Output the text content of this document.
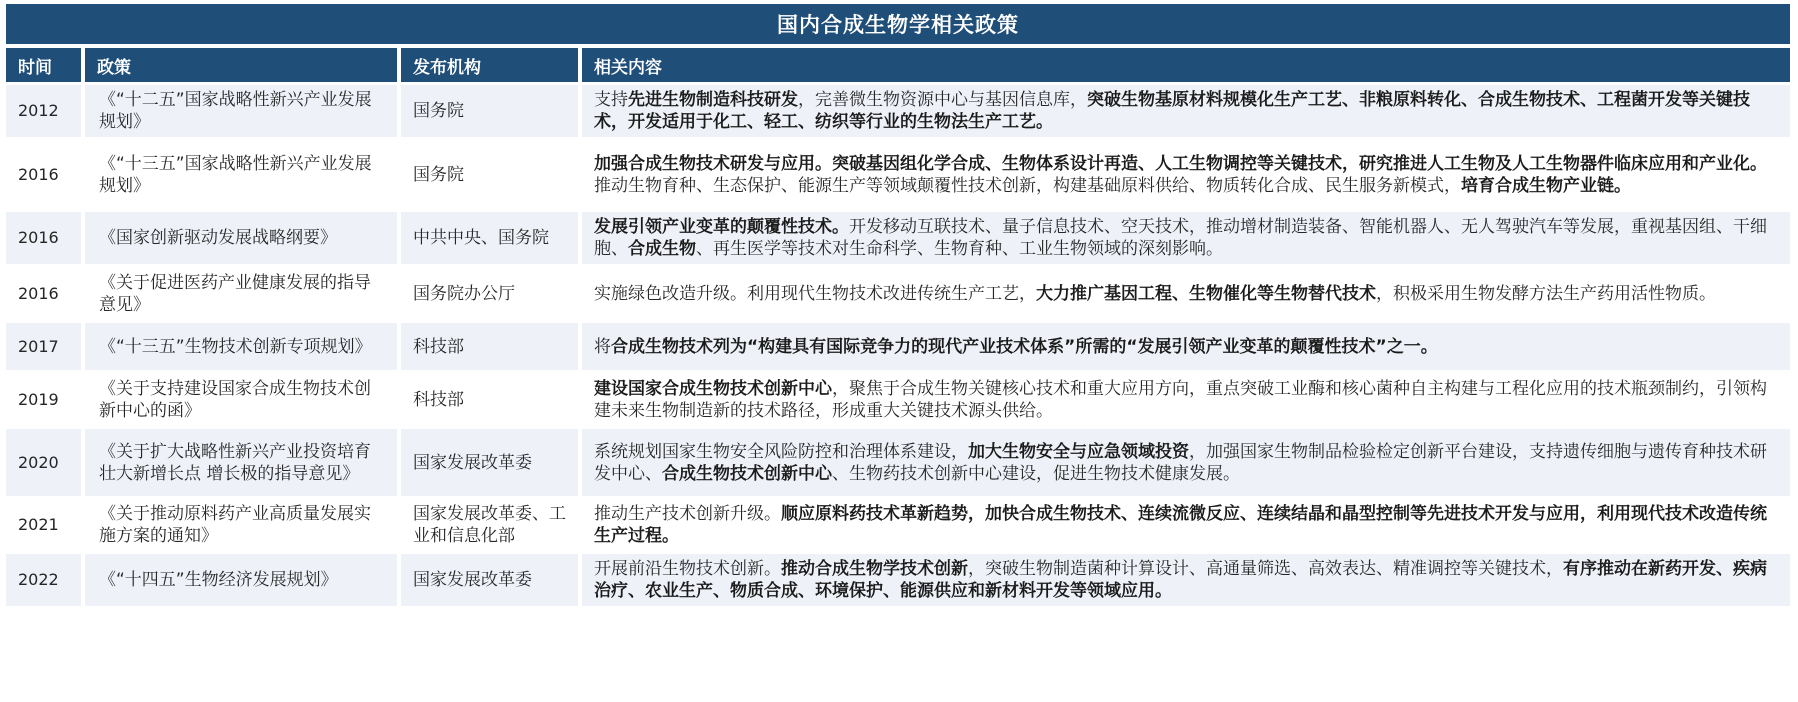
国内合成生物学相关政策
时间	政策	发布机构	相关内容
2012	《“十二五”国家战略性新兴产业发展规划》	国务院	支持先进生物制造科技研发，完善微生物资源中心与基因信息库，突破生物基原材料规模化生产工艺、非粮原料转化、合成生物技术、工程菌开发等关键技术，开发适用于化工、轻工、纺织等行业的生物法生产工艺。
2016	《“十三五”国家战略性新兴产业发展规划》	国务院	加强合成生物技术研发与应用。突破基因组化学合成、生物体系设计再造、人工生物调控等关键技术，研究推进人工生物及人工生物器件临床应用和产业化。推动生物育种、生态保护、能源生产等领域颠覆性技术创新，构建基础原料供给、物质转化合成、民生服务新模式，培育合成生物产业链。
2016	《国家创新驱动发展战略纲要》	中共中央、国务院	发展引领产业变革的颠覆性技术。开发移动互联技术、量子信息技术、空天技术，推动增材制造装备、智能机器人、无人驾驶汽车等发展，重视基因组、干细胞、合成生物、再生医学等技术对生命科学、生物育种、工业生物领域的深刻影响。
2016	《关于促进医药产业健康发展的指导意见》	国务院办公厅	实施绿色改造升级。利用现代生物技术改进传统生产工艺，大力推广基因工程、生物催化等生物替代技术，积极采用生物发酵方法生产药用活性物质。
2017	《“十三五”生物技术创新专项规划》	科技部	将合成生物技术列为“构建具有国际竞争力的现代产业技术体系”所需的“发展引领产业变革的颠覆性技术”之一。
2019	《关于支持建设国家合成生物技术创新中心的函》	科技部	建设国家合成生物技术创新中心，聚焦于合成生物关键核心技术和重大应用方向，重点突破工业酶和核心菌种自主构建与工程化应用的技术瓶颈制约，引领构建未来生物制造新的技术路径，形成重大关键技术源头供给。
2020	《关于扩大战略性新兴产业投资培育壮大新增长点 增长极的指导意见》	国家发展改革委	系统规划国家生物安全风险防控和治理体系建设，加大生物安全与应急领域投资，加强国家生物制品检验检定创新平台建设，支持遗传细胞与遗传育种技术研发中心、合成生物技术创新中心、生物药技术创新中心建设，促进生物技术健康发展。
2021	《关于推动原料药产业高质量发展实施方案的通知》	国家发展改革委、工业和信息化部	推动生产技术创新升级。顺应原料药技术革新趋势，加快合成生物技术、连续流微反应、连续结晶和晶型控制等先进技术开发与应用，利用现代技术改造传统生产过程。
2022	《“十四五”生物经济发展规划》	国家发展改革委	开展前沿生物技术创新。推动合成生物学技术创新，突破生物制造菌种计算设计、高通量筛选、高效表达、精准调控等关键技术，有序推动在新药开发、疾病治疗、农业生产、物质合成、环境保护、能源供应和新材料开发等领域应用。
